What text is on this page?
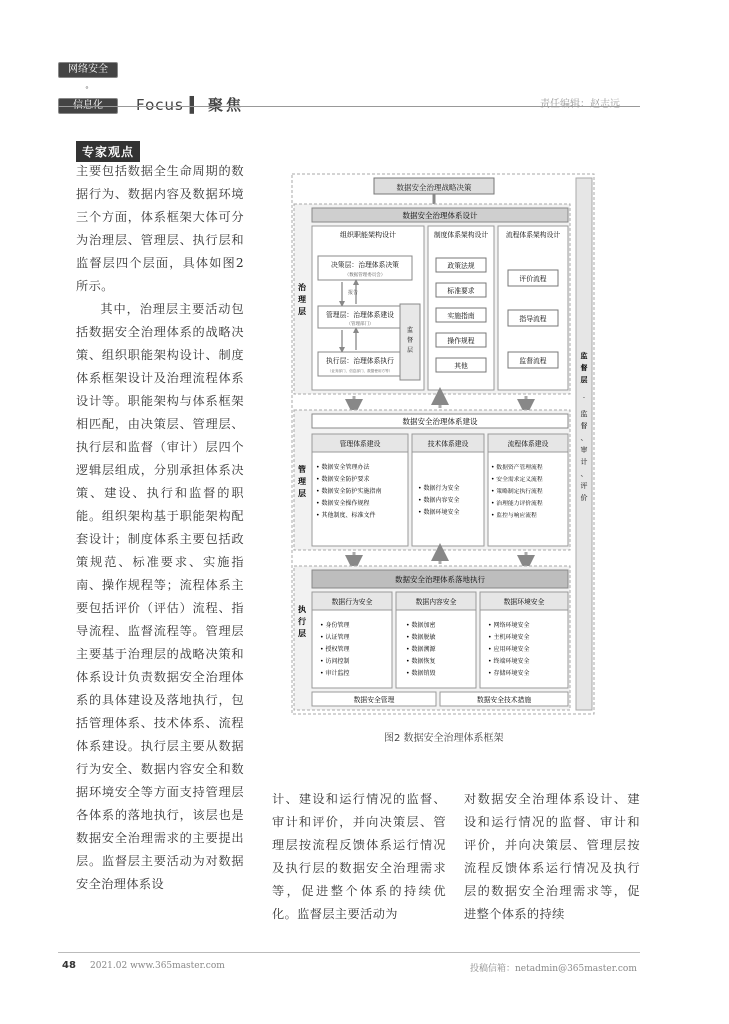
网络安全
⚬
信息化	Focus ▍ 聚焦	责任编辑：赵志远
专家观点

主要包括数据全生命周期的数据行为、数据内容及数据环境三个方面，体系框架大体可分为治理层、管理层、执行层和监督层四个层面，具体如图2所示。

其中，治理层主要活动包括数据安全治理体系的战略决策、组织职能架构设计、制度体系框架设计及治理流程体系设计等。职能架构与体系框架相匹配，由决策层、管理层、执行层和监督（审计）层四个逻辑层组成，分别承担体系决策、建设、执行和监督的职能。组织架构基于职能架构配套设计；制度体系主要包括政策规范、标准要求、实施指南、操作规程等；流程体系主要包括评价（评估）流程、指导流程、监督流程等。管理层主要基于治理层的战略决策和体系设计负责数据安全治理体系的具体建设及落地执行，包括管理体系、技术体系、流程体系建设。执行层主要从数据行为安全、数据内容安全和数据环境安全等方面支持管理层各体系的落地执行，该层也是数据安全治理需求的主要提出层。监督层主要活动为对数据安全治理体系设

数据安全治理战略决策
数据安全治理体系设计
治
理
层
组织职能架构设计
决策层：治理体系决策
（数据管理委员会）
报告
管理层：治理体系建设
（管理部门）
执行层：治理体系执行
（业务部门、信息部门、数据使用方等）
监
督
层
制度体系架构设计
政策法规
标准要求
实施指南
操作规程
其他
流程体系架构设计
评价流程
指导流程
监督流程
数据安全治理体系建设
管
理
层
管理体系建设
• 数据安全管理办法
• 数据安全防护要求
• 数据安全防护实施指南
• 数据安全操作规程
• 其他制度、标准文件
技术体系建设
• 数据行为安全
• 数据内容安全
• 数据环境安全
流程体系建设
• 数据资产管理流程
• 安全需求定义流程
• 策略制定执行流程
• 治理能力评价流程
• 监控与响应流程
数据安全治理体系落地执行
执
行
层
数据行为安全
• 身份管理
• 认证管理
• 授权管理
• 访问控制
• 审计监控
数据内容安全
• 数据加密
• 数据脱敏
• 数据溯源
• 数据恢复
• 数据销毁
数据环境安全
• 网络环境安全
• 主机环境安全
• 应用环境安全
• 终端环境安全
• 存储环境安全
数据安全管理	数据安全技术措施
监
督
层
·
监
督
、
审
计
、
评
价
图2 数据安全治理体系框架

计、建设和运行情况的监督、审计和评价，并向决策层、管理层按流程反馈体系运行情况及执行层的数据安全治理需求等，促进整个体系的持续优化。监督层主要活动为

对数据安全治理体系设计、建设和运行情况的监督、审计和评价，并向决策层、管理层按流程反馈体系运行情况及执行层的数据安全治理需求等，促进整个体系的持续

48 2021.02 www.365master.com	投稿信箱：netadmin@365master.com
